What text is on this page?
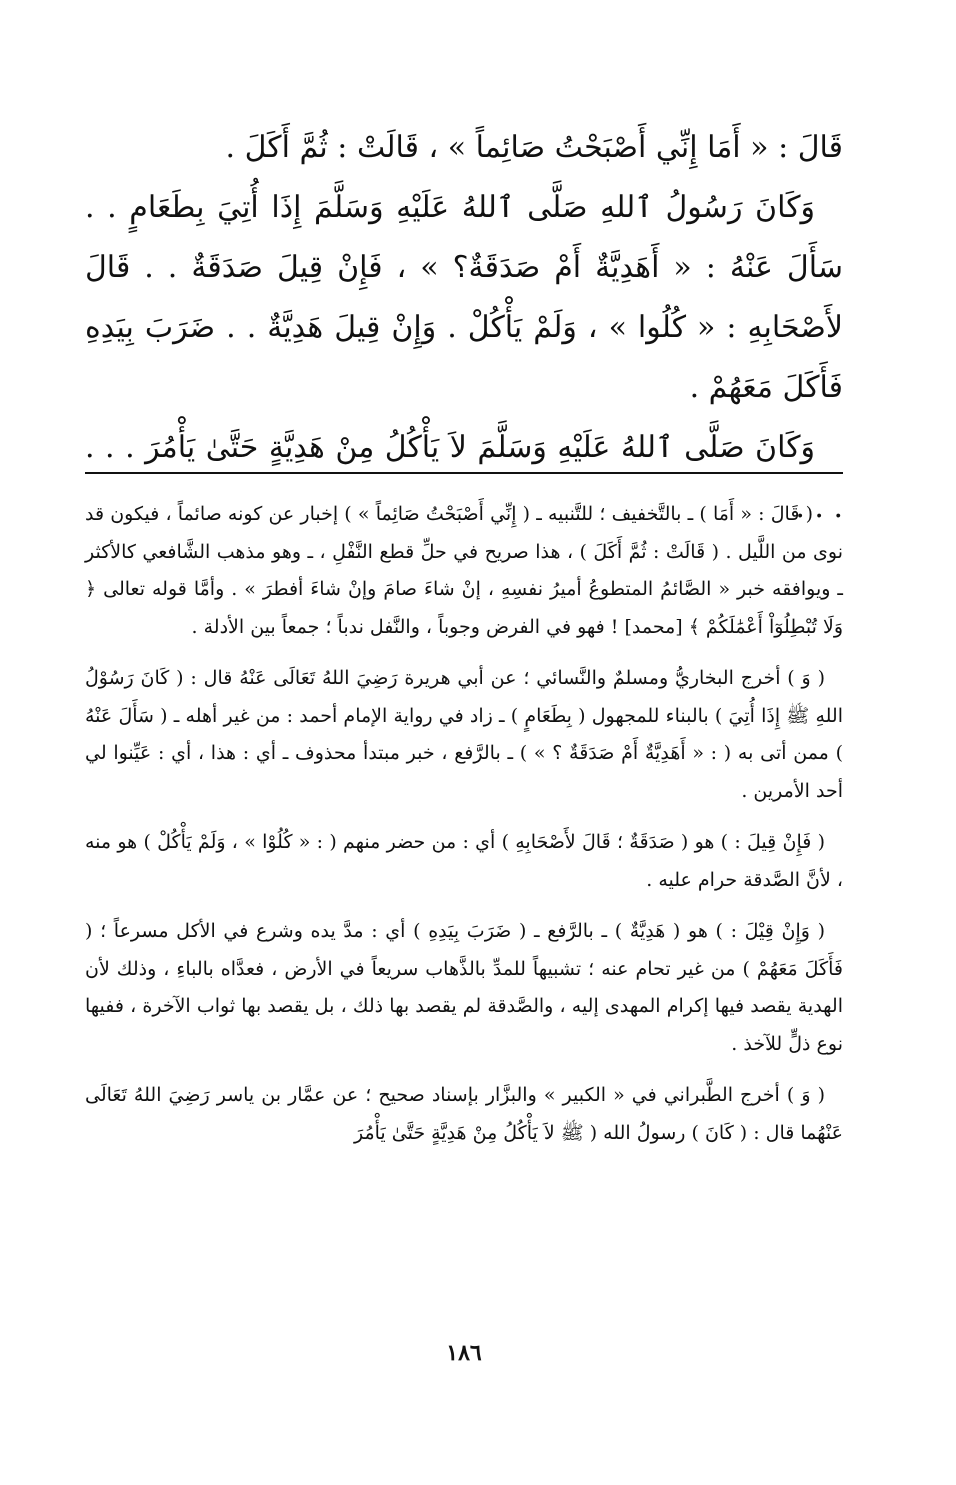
قَالَ : « أَمَا إِنِّي أَصْبَحْتُ صَائِماً » ، قَالَتْ : ثُمَّ أَكَلَ .

وَكَانَ رَسُولُ ٱللهِ صَلَّى ٱللهُ عَلَيْهِ وَسَلَّمَ إِذَا أُتِيَ بِطَعَامٍ . . سَأَلَ عَنْهُ : « أَهَدِيَّةٌ أَمْ صَدَقَةٌ؟ » ، فَإِنْ قِيلَ صَدَقَةٌ . . قَالَ لأَصْحَابِهِ : « كُلُوا » ، وَلَمْ يَأْكُلْ . وَإِنْ قِيلَ هَدِيَّةٌ . . ضَرَبَ بِيَدِهِ فَأَكَلَ مَعَهُمْ .

وَكَانَ صَلَّى ٱللهُ عَلَيْهِ وَسَلَّمَ لاَ يَأْكُلُ مِنْ هَدِيَّةٍ حَتَّىٰ يَأْمُرَ . . . . . .

( قَالَ : « أَمَا ) ـ بالتَّخفيف ؛ للتَّنبيه ـ ( إِنِّي أَصْبَحْتُ صَائِماً » ) إخبار عن كونه صائماً ، فيكون قد نوى من اللَّيل . ( قَالَتْ : ثُمَّ أَكَلَ ) ، هذا صريح في حلِّ قطع النَّفْلِ ، ـ وهو مذهب الشَّافعي كالأكثر ـ ويوافقه خبر « الصَّائمُ المتطوعُ أميرُ نفسِهِ ، إنْ شاءَ صامَ وإنْ شاءَ أفطرَ » . وأمَّا قوله تعالى ﴿ وَلَا تُبْطِلُوٓاْ أَعْمَٰلَكُمْ ﴾ [محمد] ! فهو في الفرض وجوباً ، والنَّفل ندباً ؛ جمعاً بين الأدلة .

( وَ ) أخرج البخاريُّ ومسلمٌ والنَّسائي ؛ عن أبي هريرة رَضِيَ اللهُ تَعَالَى عَنْهُ قال : ( كَانَ رَسُوْلُ اللهِ ﷺ إِذَا أُتِيَ ) بالبناء للمجهول ( بِطَعَامٍ ) ـ زاد في رواية الإمام أحمد : من غير أهله ـ ( سَأَلَ عَنْهُ ) ممن أتى به ( : « أَهَدِيَّةٌ أَمْ صَدَقَةٌ ؟ » ) ـ بالرَّفع ، خبر مبتدأ محذوف ـ أي : هذا ، أي : عَيِّنوا لي أحد الأمرين .

( فَإِنْ قِيلَ : ) هو ( صَدَقَةٌ ؛ قَالَ لأَصْحَابِهِ ) أي : من حضر منهم ( : « كُلُوْا » ، وَلَمْ يَأْكُلْ ) هو منه ، لأنَّ الصَّدقة حرام عليه .

( وَإِنْ قِيْلَ : ) هو ( هَدِيَّةٌ ) ـ بالرَّفع ـ ( ضَرَبَ بِيَدِهِ ) أي : مدَّ يده وشرع في الأكل مسرعاً ؛ ( فَأَكَلَ مَعَهُمْ ) من غير تحام عنه ؛ تشبيهاً للمدِّ بالذَّهاب سريعاً في الأرض ، فعدَّاه بالباءِ ، وذلك لأن الهدية يقصد فيها إكرام المهدى إليه ، والصَّدقة لم يقصد بها ذلك ، بل يقصد بها ثواب الآخرة ، ففيها نوع ذلٍّ للآخذ .

( وَ ) أخرج الطَّبراني في « الكبير » والبزَّار بإسناد صحيح ؛ عن عمَّار بن ياسر رَضِيَ اللهُ تَعَالَى عَنْهُما قال : ( كَانَ ) رسولُ الله ( ﷺ لاَ يَأْكُلُ مِنْ هَدِيَّةٍ حَتَّىٰ يَأْمُرَ

١٨٦
